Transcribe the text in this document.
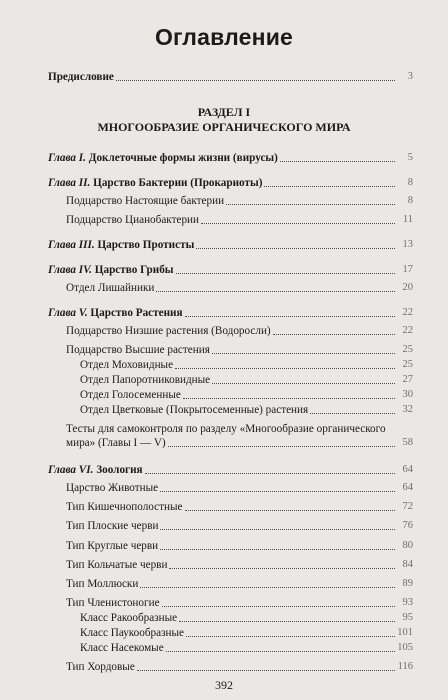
Оглавление
Предисловие	3
РАЗДЕЛ I
МНОГООБРАЗИЕ ОРГАНИЧЕСКОГО МИРА
Глава I. Доклеточные формы жизни (вирусы)	5
Глава II. Царство Бактерии (Прокариоты)	8
Подцарство Настоящие бактерии	8
Подцарство Цианобактерии	11
Глава III. Царство Протисты	13
Глава IV. Царство Грибы	17
Отдел Лишайники	20
Глава V. Царство Растения	22
Подцарство Низшие растения (Водоросли)	22
Подцарство Высшие растения	25
Отдел Моховидные	25
Отдел Папоротниковидные	27
Отдел Голосеменные	30
Отдел Цветковые (Покрытосеменные) растения	32
Тесты для самоконтроля по разделу «Многообразие органического
мира» (Главы I — V)	58
Глава VI. Зоология	64
Царство Животные	64
Тип Кишечнополостные	72
Тип Плоские черви	76
Тип Круглые черви	80
Тип Кольчатые черви	84
Тип Моллюски	89
Тип Членистоногие	93
Класс Ракообразные	95
Класс Паукообразные	101
Класс Насекомые	105
Тип Хордовые	116
392
